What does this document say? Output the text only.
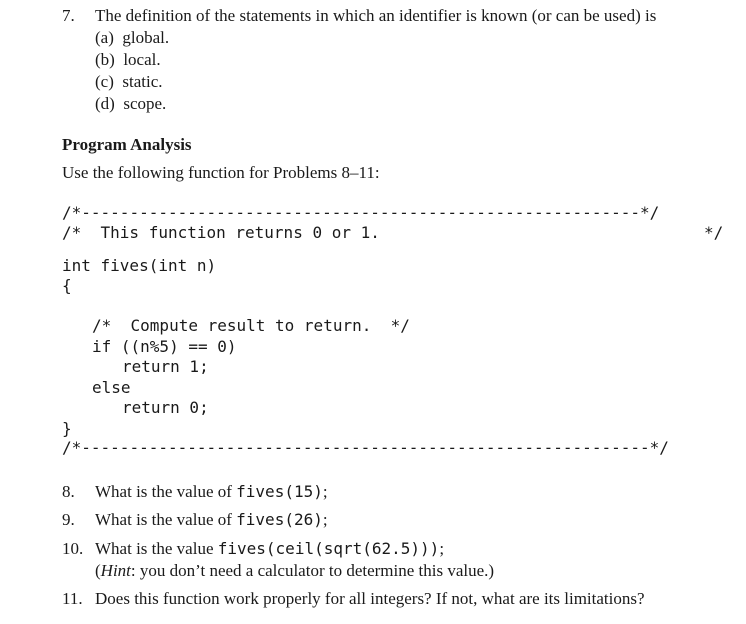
7. The definition of the statements in which an identifier is known (or can be used) is
(a)  global.
(b)  local.
(c)  static.
(d)  scope.
Program Analysis
Use the following function for Problems 8–11:
/*----------------------------------------------------------*/
/*  This function returns 0 or 1.	*/
int fives(int n)
{
/*  Compute result to return.  */
if ((n%5) == 0)
return 1;
else
return 0;
}
/*-----------------------------------------------------------*/
8. What is the value of fives(15);
9. What is the value of fives(26);
10. What is the value fives(ceil(sqrt(62.5)));
(Hint: you don’t need a calculator to determine this value.)
11. Does this function work properly for all integers? If not, what are its limitations?
